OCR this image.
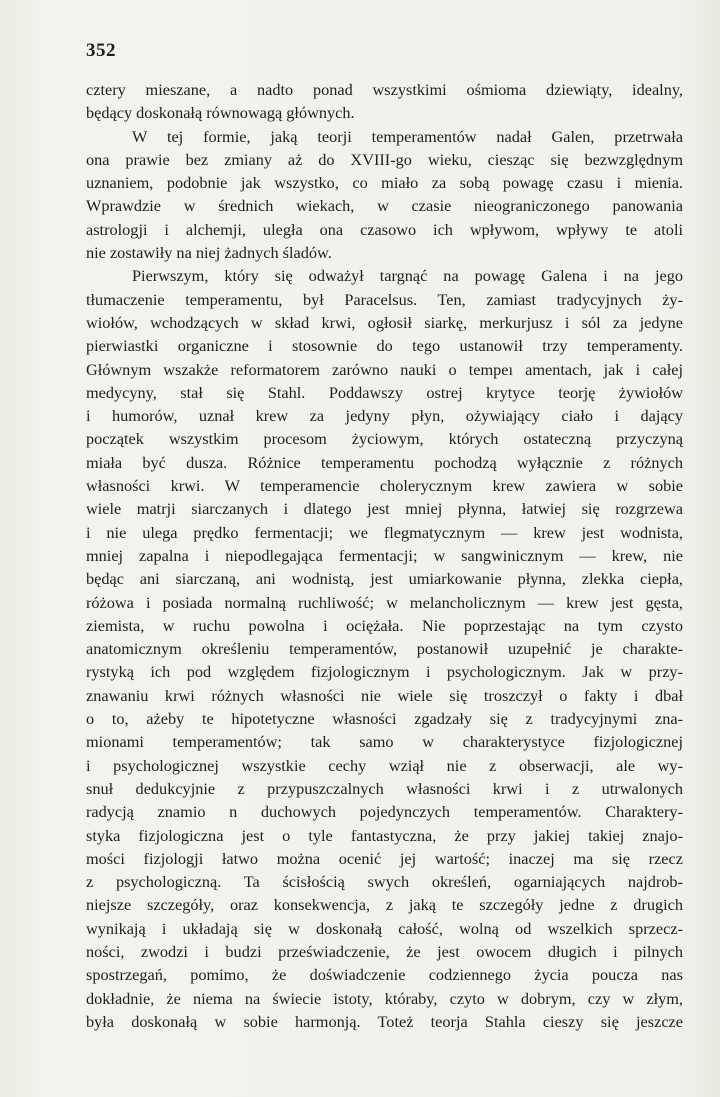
352
cztery mieszane, a nadto ponad wszystkimi ośmioma dziewiąty, idealny,
będący doskonałą równowagą głównych.
W tej formie, jaką teorji temperamentów nadał Galen, przetrwała
ona prawie bez zmiany aż do XVIII-go wieku, ciesząc się bezwzględnym
uznaniem, podobnie jak wszystko, co miało za sobą powagę czasu i mienia.
Wprawdzie w średnich wiekach, w czasie nieograniczonego panowania
astrologji i alchemji, uległa ona czasowo ich wpływom, wpływy te atoli
nie zostawiły na niej żadnych śladów.
Pierwszym, który się odważył targnąć na powagę Galena i na jego
tłumaczenie temperamentu, był Paracelsus. Ten, zamiast tradycyjnych ży-
wiołów, wchodzących w skład krwi, ogłosił siarkę, merkurjusz i sól za jedyne
pierwiastki organiczne i stosownie do tego ustanowił trzy temperamenty.
Głównym wszakże reformatorem zarówno nauki o tempeı amentach, jak i całej
medycyny, stał się Stahl. Poddawszy ostrej krytyce teorję żywiołów
i humorów, uznał krew za jedyny płyn, ożywiający ciało i dający
początek wszystkim procesom życiowym, których ostateczną przyczyną
miała być dusza. Różnice temperamentu pochodzą wyłącznie z różnych
własności krwi. W temperamencie cholerycznym krew zawiera w sobie
wiele matrji siarczanych i dlatego jest mniej płynna, łatwiej się rozgrzewa
i nie ulega prędko fermentacji; we flegmatycznym — krew jest wodnista,
mniej zapalna i niepodlegająca fermentacji; w sangwinicznym — krew, nie
będąc ani siarczaną, ani wodnistą, jest umiarkowanie płynna, zlekka ciepła,
różowa i posiada normalną ruchliwość; w melancholicznym — krew jest gęsta,
ziemista, w ruchu powolna i ociężała. Nie poprzestając na tym czysto
anatomicznym określeniu temperamentów, postanowił uzupełnić je charakte-
rystyką ich pod względem fizjologicznym i psychologicznym. Jak w przy-
znawaniu krwi różnych własności nie wiele się troszczył o fakty i dbał
o to, ażeby te hipotetyczne własności zgadzały się z tradycyjnymi zna-
mionami temperamentów; tak samo w charakterystyce fizjologicznej
i psychologicznej wszystkie cechy wziął nie z obserwacji, ale wy-
snuł dedukcyjnie z przypuszczalnych własności krwi i z utrwalonych
radycją znamio n duchowych pojedynczych temperamentów. Charaktery-
styka fizjologiczna jest o tyle fantastyczna, że przy jakiej takiej znajo-
mości fizjologji łatwo można ocenić jej wartość; inaczej ma się rzecz
z psychologiczną. Ta ścisłością swych określeń, ogarniających najdrob-
niejsze szczegóły, oraz konsekwencja, z jaką te szczegóły jedne z drugich
wynikają i układają się w doskonałą całość, wolną od wszelkich sprzecz-
ności, zwodzi i budzi przeświadczenie, że jest owocem długich i pilnych
spostrzegań, pomimo, że doświadczenie codziennego życia poucza nas
dokładnie, że niema na świecie istoty, któraby, czyto w dobrym, czy w złym,
była doskonałą w sobie harmonją. Toteż teorja Stahla cieszy się jeszcze
